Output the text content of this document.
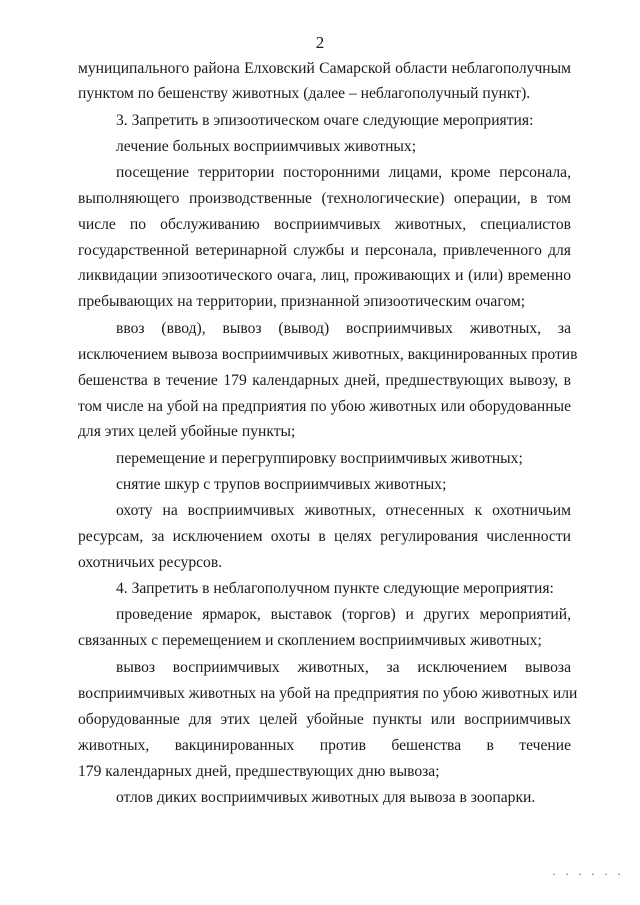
2
муниципального района Елховский Самарской области неблагополучным
пунктом по бешенству животных (далее – неблагополучный пункт).
3. Запретить в эпизоотическом очаге следующие мероприятия:
лечение больных восприимчивых животных;
посещение территории посторонними лицами, кроме персонала,
выполняющего производственные (технологические) операции, в том
числе по обслуживанию восприимчивых животных, специалистов
государственной ветеринарной службы и персонала, привлеченного для
ликвидации эпизоотического очага, лиц, проживающих и (или) временно
пребывающих на территории, признанной эпизоотическим очагом;
ввоз (ввод), вывоз (вывод) восприимчивых животных, за
исключением вывоза восприимчивых животных, вакцинированных против
бешенства в течение 179 календарных дней, предшествующих вывозу, в
том числе на убой на предприятия по убою животных или оборудованные
для этих целей убойные пункты;
перемещение и перегруппировку восприимчивых животных;
снятие шкур с трупов восприимчивых животных;
охоту на восприимчивых животных, отнесенных к охотничьим
ресурсам, за исключением охоты в целях регулирования численности
охотничьих ресурсов.
4. Запретить в неблагополучном пункте следующие мероприятия:
проведение ярмарок, выставок (торгов) и других мероприятий,
связанных с перемещением и скоплением восприимчивых животных;
вывоз восприимчивых животных, за исключением вывоза
восприимчивых животных на убой на предприятия по убою животных или
оборудованные для этих целей убойные пункты или восприимчивых
животных, вакцинированных против бешенства в течение
179 календарных дней, предшествующих дню вывоза;
отлов диких восприимчивых животных для вывоза в зоопарки.
· · · · · ·
